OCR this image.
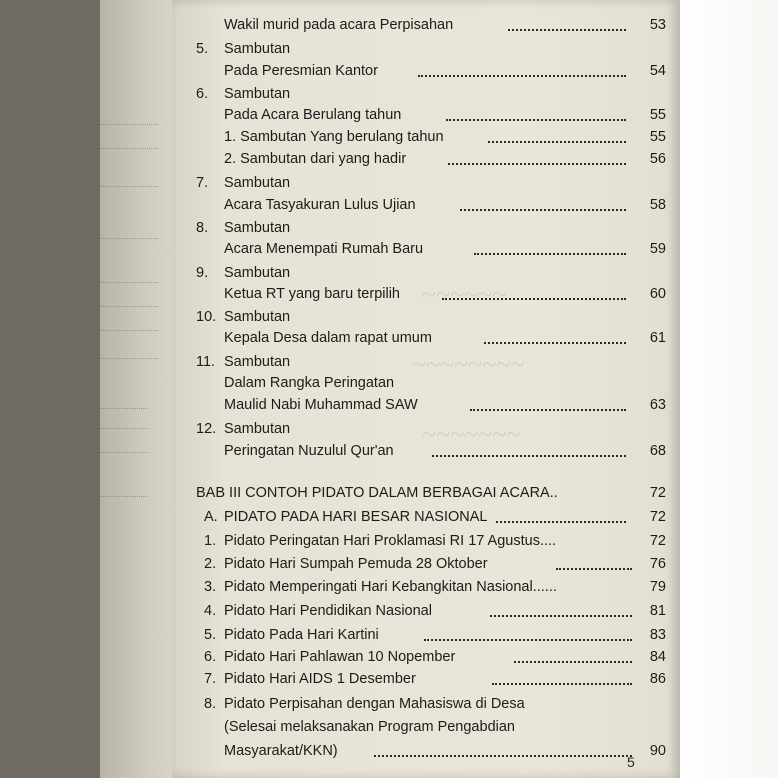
~~~~~~
~~~~~~~~
~~~~~~~
Wakil murid pada acara Perpisahan	53
5. Sambutan
Pada Peresmian Kantor	54
6. Sambutan
Pada Acara Berulang tahun	55
1. Sambutan Yang berulang tahun	55
2. Sambutan dari yang hadir	56
7. Sambutan
Acara Tasyakuran Lulus Ujian	58
8. Sambutan
Acara Menempati Rumah Baru	59
9. Sambutan
Ketua RT yang baru terpilih	60
10. Sambutan
Kepala Desa dalam rapat umum	61
11. Sambutan
Dalam Rangka Peringatan
Maulid Nabi Muhammad SAW	63
12. Sambutan
Peringatan Nuzulul Qur'an	68
BAB III CONTOH PIDATO DALAM BERBAGAI ACARA..	72
A. PIDATO PADA HARI BESAR NASIONAL	72
1. Pidato Peringatan Hari Proklamasi RI 17 Agustus....	72
2. Pidato Hari Sumpah Pemuda 28 Oktober	76
3. Pidato Memperingati Hari Kebangkitan Nasional......	79
4. Pidato Hari Pendidikan Nasional	81
5. Pidato Pada Hari Kartini	83
6. Pidato Hari Pahlawan 10 Nopember	84
7. Pidato Hari AIDS 1 Desember	86
8. Pidato Perpisahan dengan Mahasiswa di Desa
(Selesai melaksanakan Program Pengabdian
Masyarakat/KKN)	90
5
